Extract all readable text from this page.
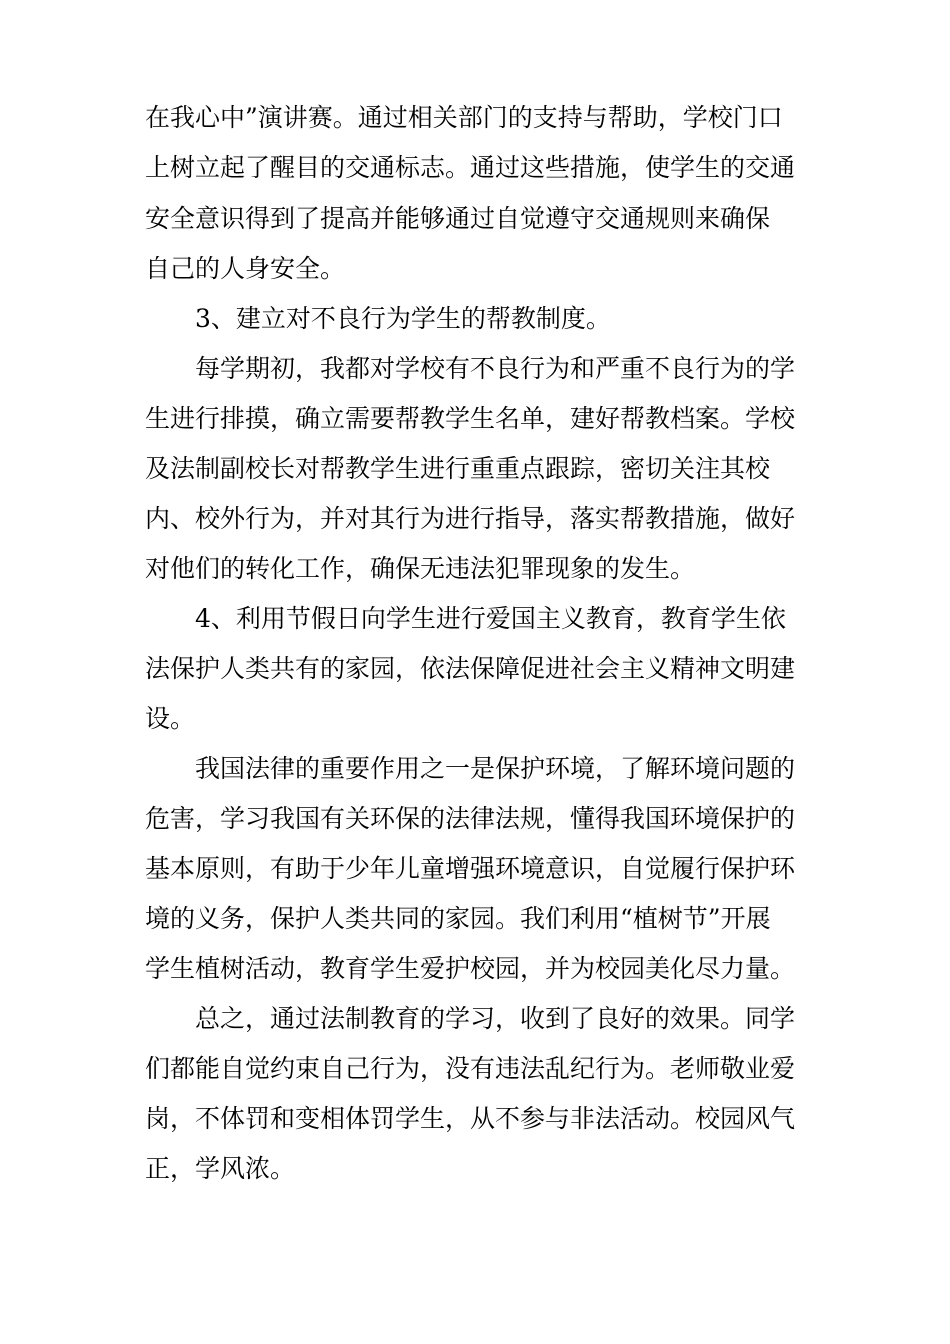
在我心中”演讲赛。通过相关部门的支持与帮助，学校门口
上树立起了醒目的交通标志。通过这些措施，使学生的交通
安全意识得到了提高并能够通过自觉遵守交通规则来确保
自己的人身安全。
3、建立对不良行为学生的帮教制度。
每学期初，我都对学校有不良行为和严重不良行为的学
生进行排摸，确立需要帮教学生名单，建好帮教档案。学校
及法制副校长对帮教学生进行重重点跟踪，密切关注其校
内、校外行为，并对其行为进行指导，落实帮教措施，做好
对他们的转化工作，确保无违法犯罪现象的发生。
4、利用节假日向学生进行爱国主义教育，教育学生依
法保护人类共有的家园，依法保障促进社会主义精神文明建
设。
我国法律的重要作用之一是保护环境，了解环境问题的
危害，学习我国有关环保的法律法规，懂得我国环境保护的
基本原则，有助于少年儿童增强环境意识，自觉履行保护环
境的义务，保护人类共同的家园。我们利用“植树节”开展
学生植树活动，教育学生爱护校园，并为校园美化尽力量。
总之，通过法制教育的学习，收到了良好的效果。同学
们都能自觉约束自己行为，没有违法乱纪行为。老师敬业爱
岗，不体罚和变相体罚学生，从不参与非法活动。校园风气
正，学风浓。
